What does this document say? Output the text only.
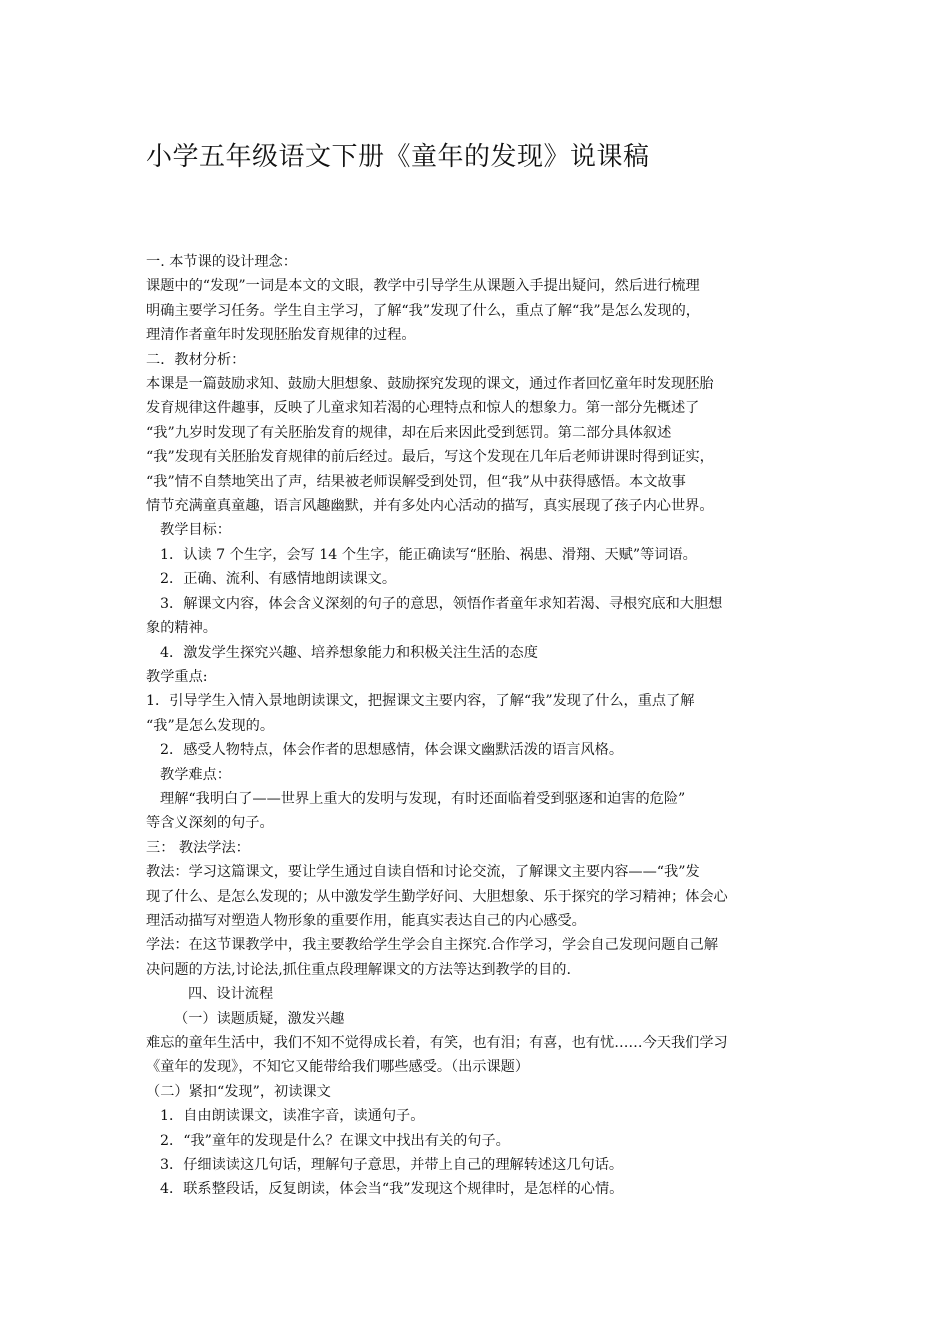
小学五年级语文下册《童年的发现》说课稿

一. 本节课的设计理念：

课题中的“发现”一词是本文的文眼，教学中引导学生从课题入手提出疑问，然后进行梳理

明确主要学习任务。学生自主学习，了解“我”发现了什么，重点了解“我”是怎么发现的，

理清作者童年时发现胚胎发育规律的过程。

二．教材分析：

本课是一篇鼓励求知、鼓励大胆想象、鼓励探究发现的课文，通过作者回忆童年时发现胚胎

发育规律这件趣事，反映了儿童求知若渴的心理特点和惊人的想象力。第一部分先概述了

“我”九岁时发现了有关胚胎发育的规律，却在后来因此受到惩罚。第二部分具体叙述

“我”发现有关胚胎发育规律的前后经过。最后，写这个发现在几年后老师讲课时得到证实，

“我”情不自禁地笑出了声，结果被老师误解受到处罚，但“我”从中获得感悟。本文故事

情节充满童真童趣，语言风趣幽默，并有多处内心活动的描写，真实展现了孩子内心世界。

教学目标：

1．认读 7 个生字，会写 14 个生字，能正确读写“胚胎、祸患、滑翔、天赋”等词语。

2．正确、流利、有感情地朗读课文。

3．解课文内容，体会含义深刻的句子的意思，领悟作者童年求知若渴、寻根究底和大胆想

象的精神。

4．激发学生探究兴趣、培养想象能力和积极关注生活的态度

教学重点:

1．引导学生入情入景地朗读课文，把握课文主要内容，了解“我”发现了什么，重点了解

“我”是怎么发现的。

2．感受人物特点，体会作者的思想感情，体会课文幽默活泼的语言风格。

教学难点：

理解“我明白了——世界上重大的发明与发现，有时还面临着受到驱逐和迫害的危险”

等含义深刻的句子。

三： 教法学法：

教法：学习这篇课文，要让学生通过自读自悟和讨论交流，了解课文主要内容——“我”发

现了什么、是怎么发现的；从中激发学生勤学好问、大胆想象、乐于探究的学习精神；体会心

理活动描写对塑造人物形象的重要作用，能真实表达自己的内心感受。

学法：在这节课教学中，我主要教给学生学会自主探究.合作学习，学会自己发现问题自己解

决问题的方法,讨论法,抓住重点段理解课文的方法等达到教学的目的.

四、设计流程

（一）读题质疑，激发兴趣

难忘的童年生活中，我们不知不觉得成长着，有笑，也有泪；有喜，也有忧……今天我们学习

《童年的发现》，不知它又能带给我们哪些感受。（出示课题）

（二）紧扣“发现”，初读课文

1．自由朗读课文，读准字音，读通句子。

2．“我”童年的发现是什么？在课文中找出有关的句子。

3．仔细读读这几句话，理解句子意思，并带上自己的理解转述这几句话。

4．联系整段话，反复朗读，体会当“我”发现这个规律时，是怎样的心情。
